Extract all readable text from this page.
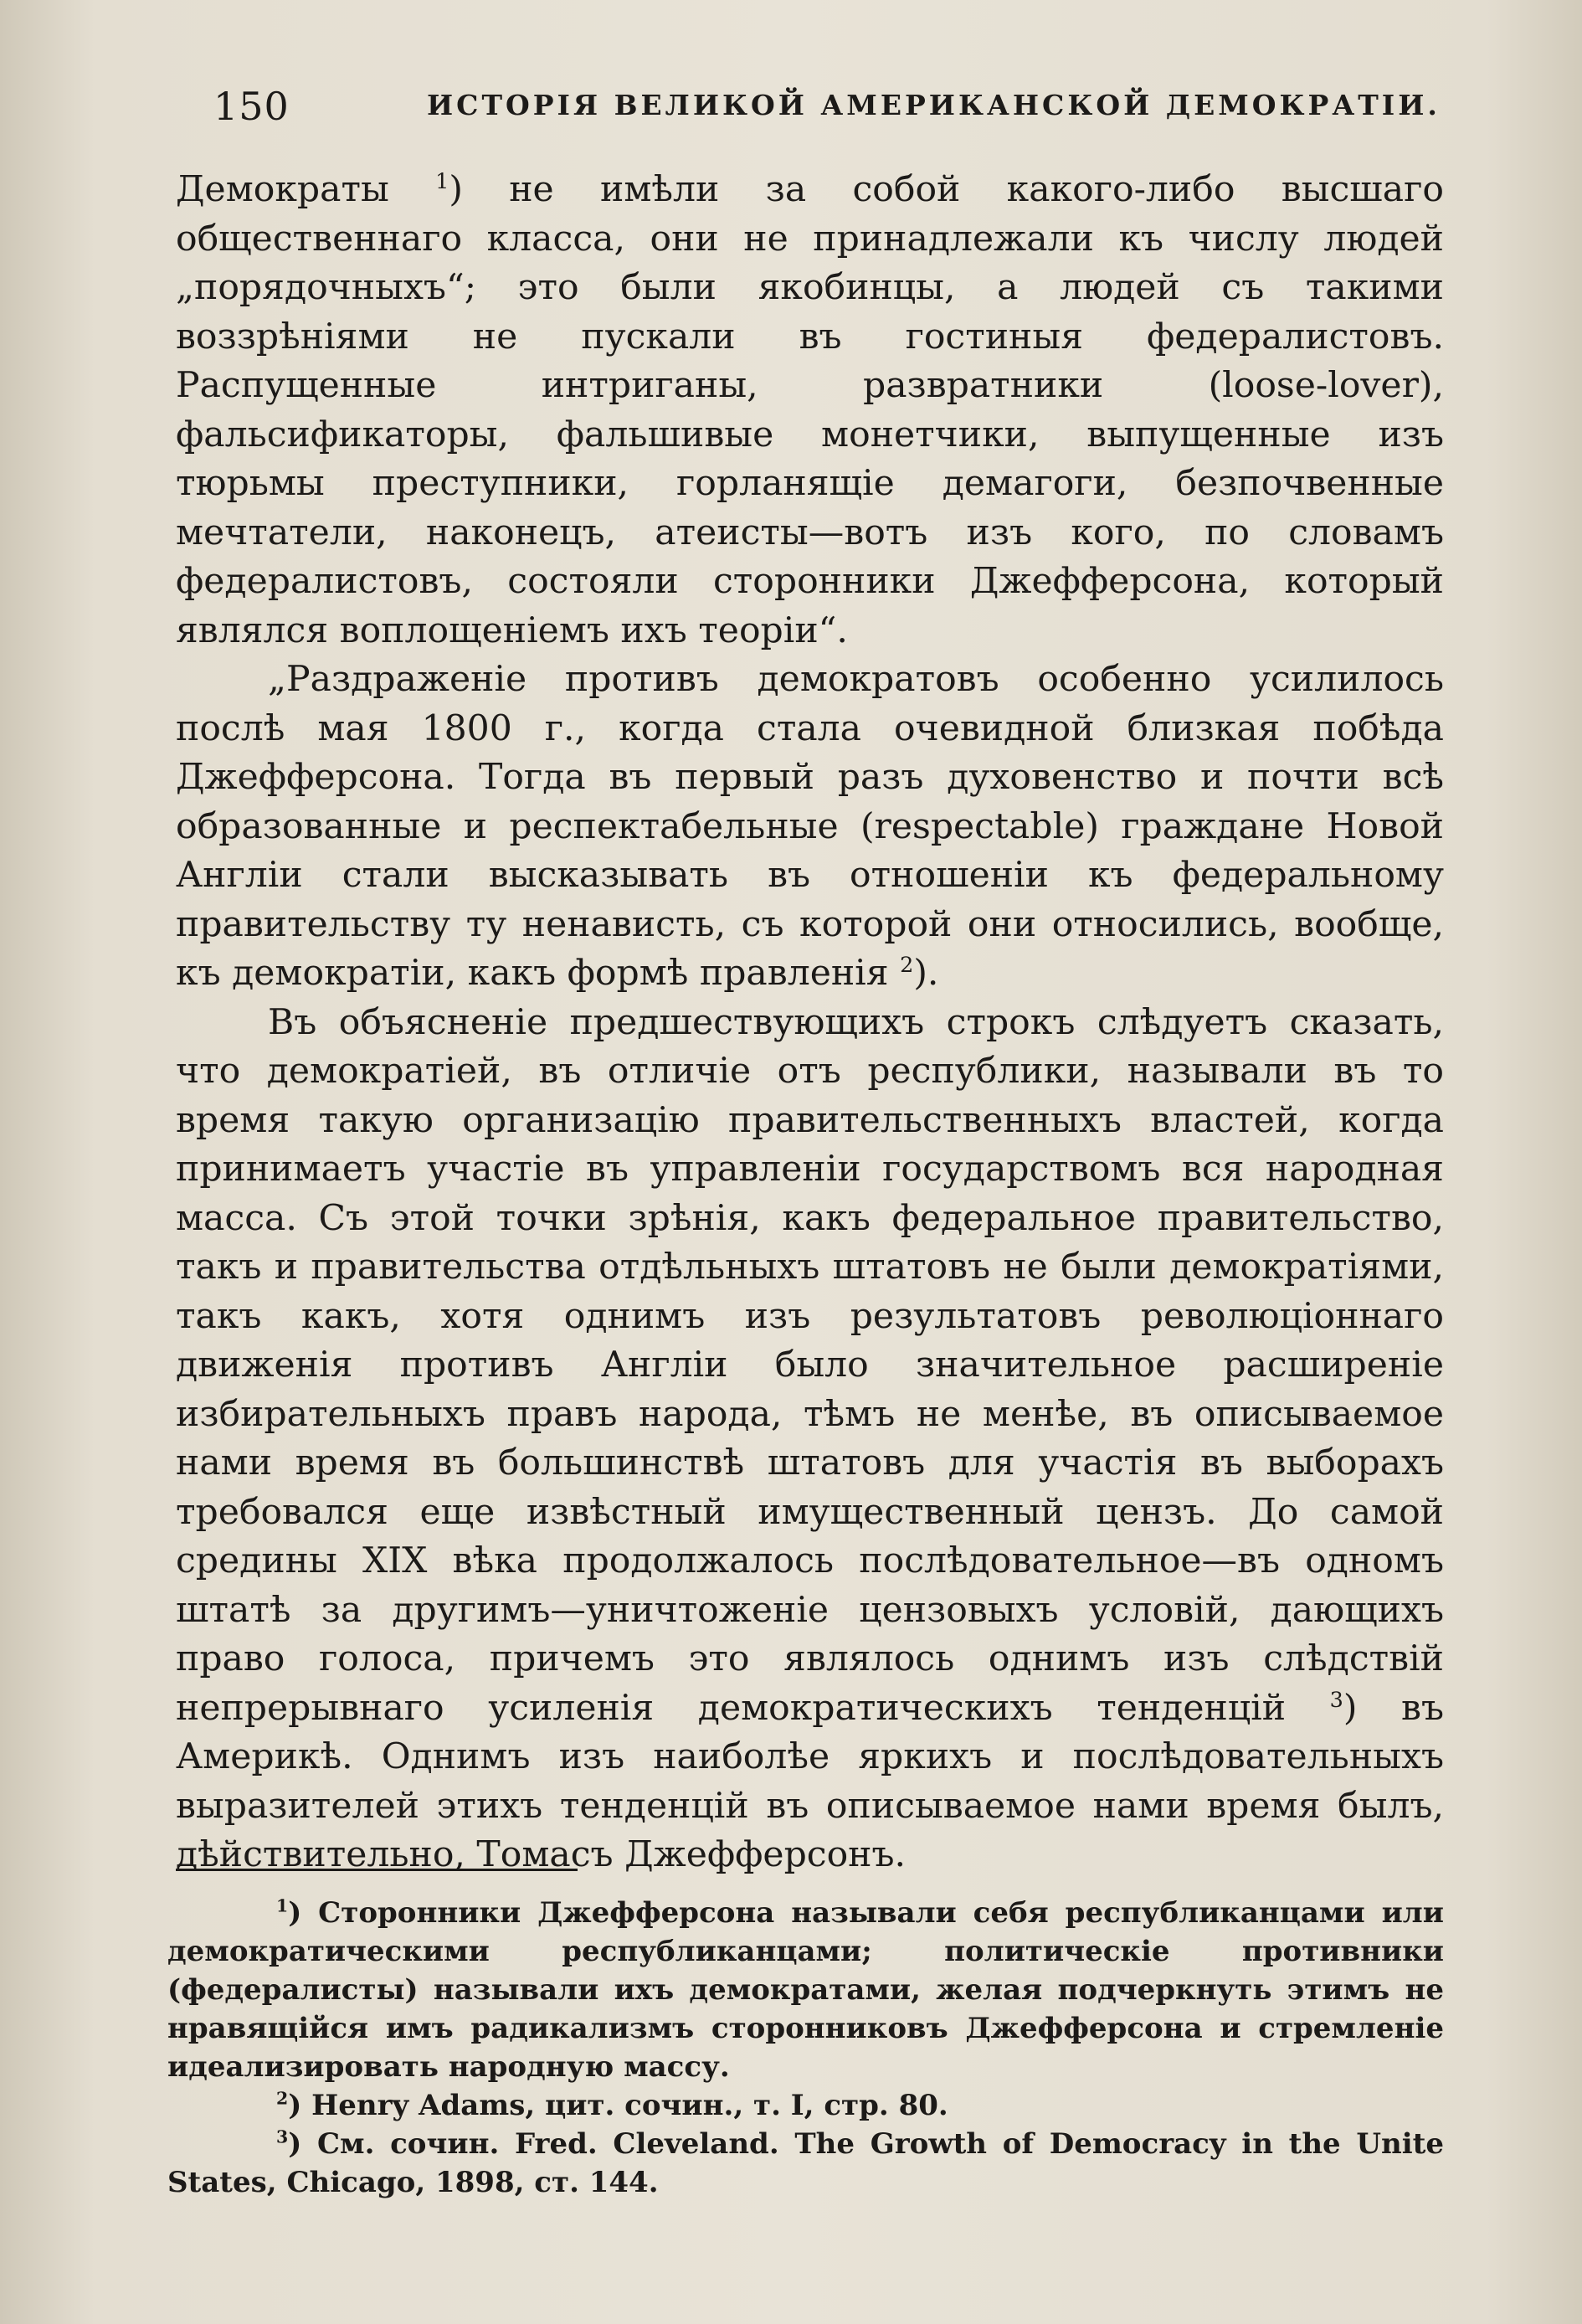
150	ИСТОРІЯ ВЕЛИКОЙ АМЕРИКАНСКОЙ ДЕМОКРАТІИ.

Демократы $^1$) не имѣли за собой какого-либо высшаго общественнаго класса, они не принадлежали къ числу людей „порядочныхъ“; это были якобинцы, а людей съ такими воззрѣніями не пускали въ гостиныя федералистовъ. Распущенные интриганы, развратники (loose-lover), фальсификаторы, фальшивые монетчики, выпущенные изъ тюрьмы преступники, горланящіе демагоги, безпочвенные мечтатели, наконецъ, атеисты—вотъ изъ кого, по словамъ федералистовъ, состояли сторонники Джефферсона, который являлся воплощеніемъ ихъ теоріи“.

„Раздраженіе противъ демократовъ особенно усилилось послѣ мая 1800 г., когда стала очевидной близкая побѣда Джефферсона. Тогда въ первый разъ духовенство и почти всѣ образованные и респектабельные (respectable) граждане Новой Англіи стали высказывать въ отношеніи къ федеральному правительству ту ненависть, съ которой они относились, вообще, къ демократіи, какъ формѣ правленія $^2$).

Въ объясненіе предшествующихъ строкъ слѣдуетъ сказать, что демократіей, въ отличіе отъ республики, называли въ то время такую организацію правительственныхъ властей, когда принимаетъ участіе въ управленіи государствомъ вся народная масса. Съ этой точки зрѣнія, какъ федеральное правительство, такъ и правительства отдѣльныхъ штатовъ не были демократіями, такъ какъ, хотя однимъ изъ результатовъ революціоннаго движенія противъ Англіи было значительное расширеніе избирательныхъ правъ народа, тѣмъ не менѣе, въ описываемое нами время въ большинствѣ штатовъ для участія въ выборахъ требовался еще извѣстный имущественный цензъ. До самой средины XIX вѣка продолжалось послѣдовательное—въ одномъ штатѣ за другимъ—уничтоженіе цензовыхъ условій, дающихъ право голоса, причемъ это являлось однимъ изъ слѣдствій непрерывнаго усиленія демократическихъ тенденцій $^3$) въ Америкѣ. Однимъ изъ наиболѣе яркихъ и послѣдовательныхъ выразителей этихъ тенденцій въ описываемое нами время былъ, дѣйствительно, Томасъ Джефферсонъ.

$^1$) Сторонники Джефферсона называли себя республиканцами или демократическими республиканцами; политическіе противники (федералисты) называли ихъ демократами, желая подчеркнуть этимъ не нравящійся имъ радикализмъ сторонниковъ Джефферсона и стремленіе идеализировать народную массу.

$^2$) Henry Adams, цит. сочин., т. I, стр. 80.

$^3$) См. сочин. Fred. Cleveland. The Growth of Democracy in the Unite States, Chicago, 1898, ст. 144.
